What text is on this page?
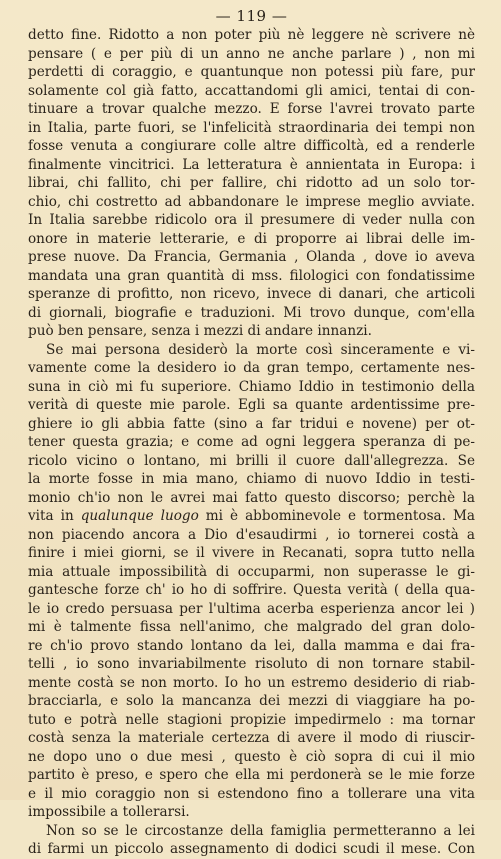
— 119 —
detto fine. Ridotto a non poter più nè leggere nè scrivere nè
pensare ( e per più di un anno ne anche parlare ) , non mi
perdetti di coraggio, e quantunque non potessi più fare, pur
solamente col già fatto, accattandomi gli amici, tentai di con-
tinuare a trovar qualche mezzo. E forse l'avrei trovato parte
in Italia, parte fuori, se l'infelicità straordinaria dei tempi non
fosse venuta a congiurare colle altre difficoltà, ed a renderle
finalmente vincitrici. La letteratura è annientata in Europa: i
librai, chi fallito, chi per fallire, chi ridotto ad un solo tor-
chio, chi costretto ad abbandonare le imprese meglio avviate.
In Italia sarebbe ridicolo ora il presumere di veder nulla con
onore in materie letterarie, e di proporre ai librai delle im-
prese nuove. Da Francia, Germania , Olanda , dove io aveva
mandata una gran quantità di mss. filologici con fondatissime
speranze di profitto, non ricevo, invece di danari, che articoli
di giornali, biografie e traduzioni. Mi trovo dunque, com'ella
può ben pensare, senza i mezzi di andare innanzi.
Se mai persona desiderò la morte così sinceramente e vi-
vamente come la desidero io da gran tempo, certamente nes-
suna in ciò mi fu superiore. Chiamo Iddio in testimonio della
verità di queste mie parole. Egli sa quante ardentissime pre-
ghiere io gli abbia fatte (sino a far tridui e novene) per ot-
tener questa grazia; e come ad ogni leggera speranza di pe-
ricolo vicino o lontano, mi brilli il cuore dall'allegrezza. Se
la morte fosse in mia mano, chiamo di nuovo Iddio in testi-
monio ch'io non le avrei mai fatto questo discorso; perchè la
vita in qualunque luogo mi è abbominevole e tormentosa. Ma
non piacendo ancora a Dio d'esaudirmi , io tornerei costà a
finire i miei giorni, se il vivere in Recanati, sopra tutto nella
mia attuale impossibilità di occuparmi, non superasse le gi-
gantesche forze ch' io ho di soffrire. Questa verità ( della qua-
le io credo persuasa per l'ultima acerba esperienza ancor lei )
mi è talmente fissa nell'animo, che malgrado del gran dolo-
re ch'io provo stando lontano da lei, dalla mamma e dai fra-
telli , io sono invariabilmente risoluto di non tornare stabil-
mente costà se non morto. Io ho un estremo desiderio di riab-
bracciarla, e solo la mancanza dei mezzi di viaggiare ha po-
tuto e potrà nelle stagioni propizie impedirmelo : ma tornar
costà senza la materiale certezza di avere il modo di riuscir-
ne dopo uno o due mesi , questo è ciò sopra di cui il mio
partito è preso, e spero che ella mi perdonerà se le mie forze
e il mio coraggio non si estendono fino a tollerare una vita
impossibile a tollerarsi.
Non so se le circostanze della famiglia permetteranno a lei
di farmi un piccolo assegnamento di dodici scudi il mese. Con
